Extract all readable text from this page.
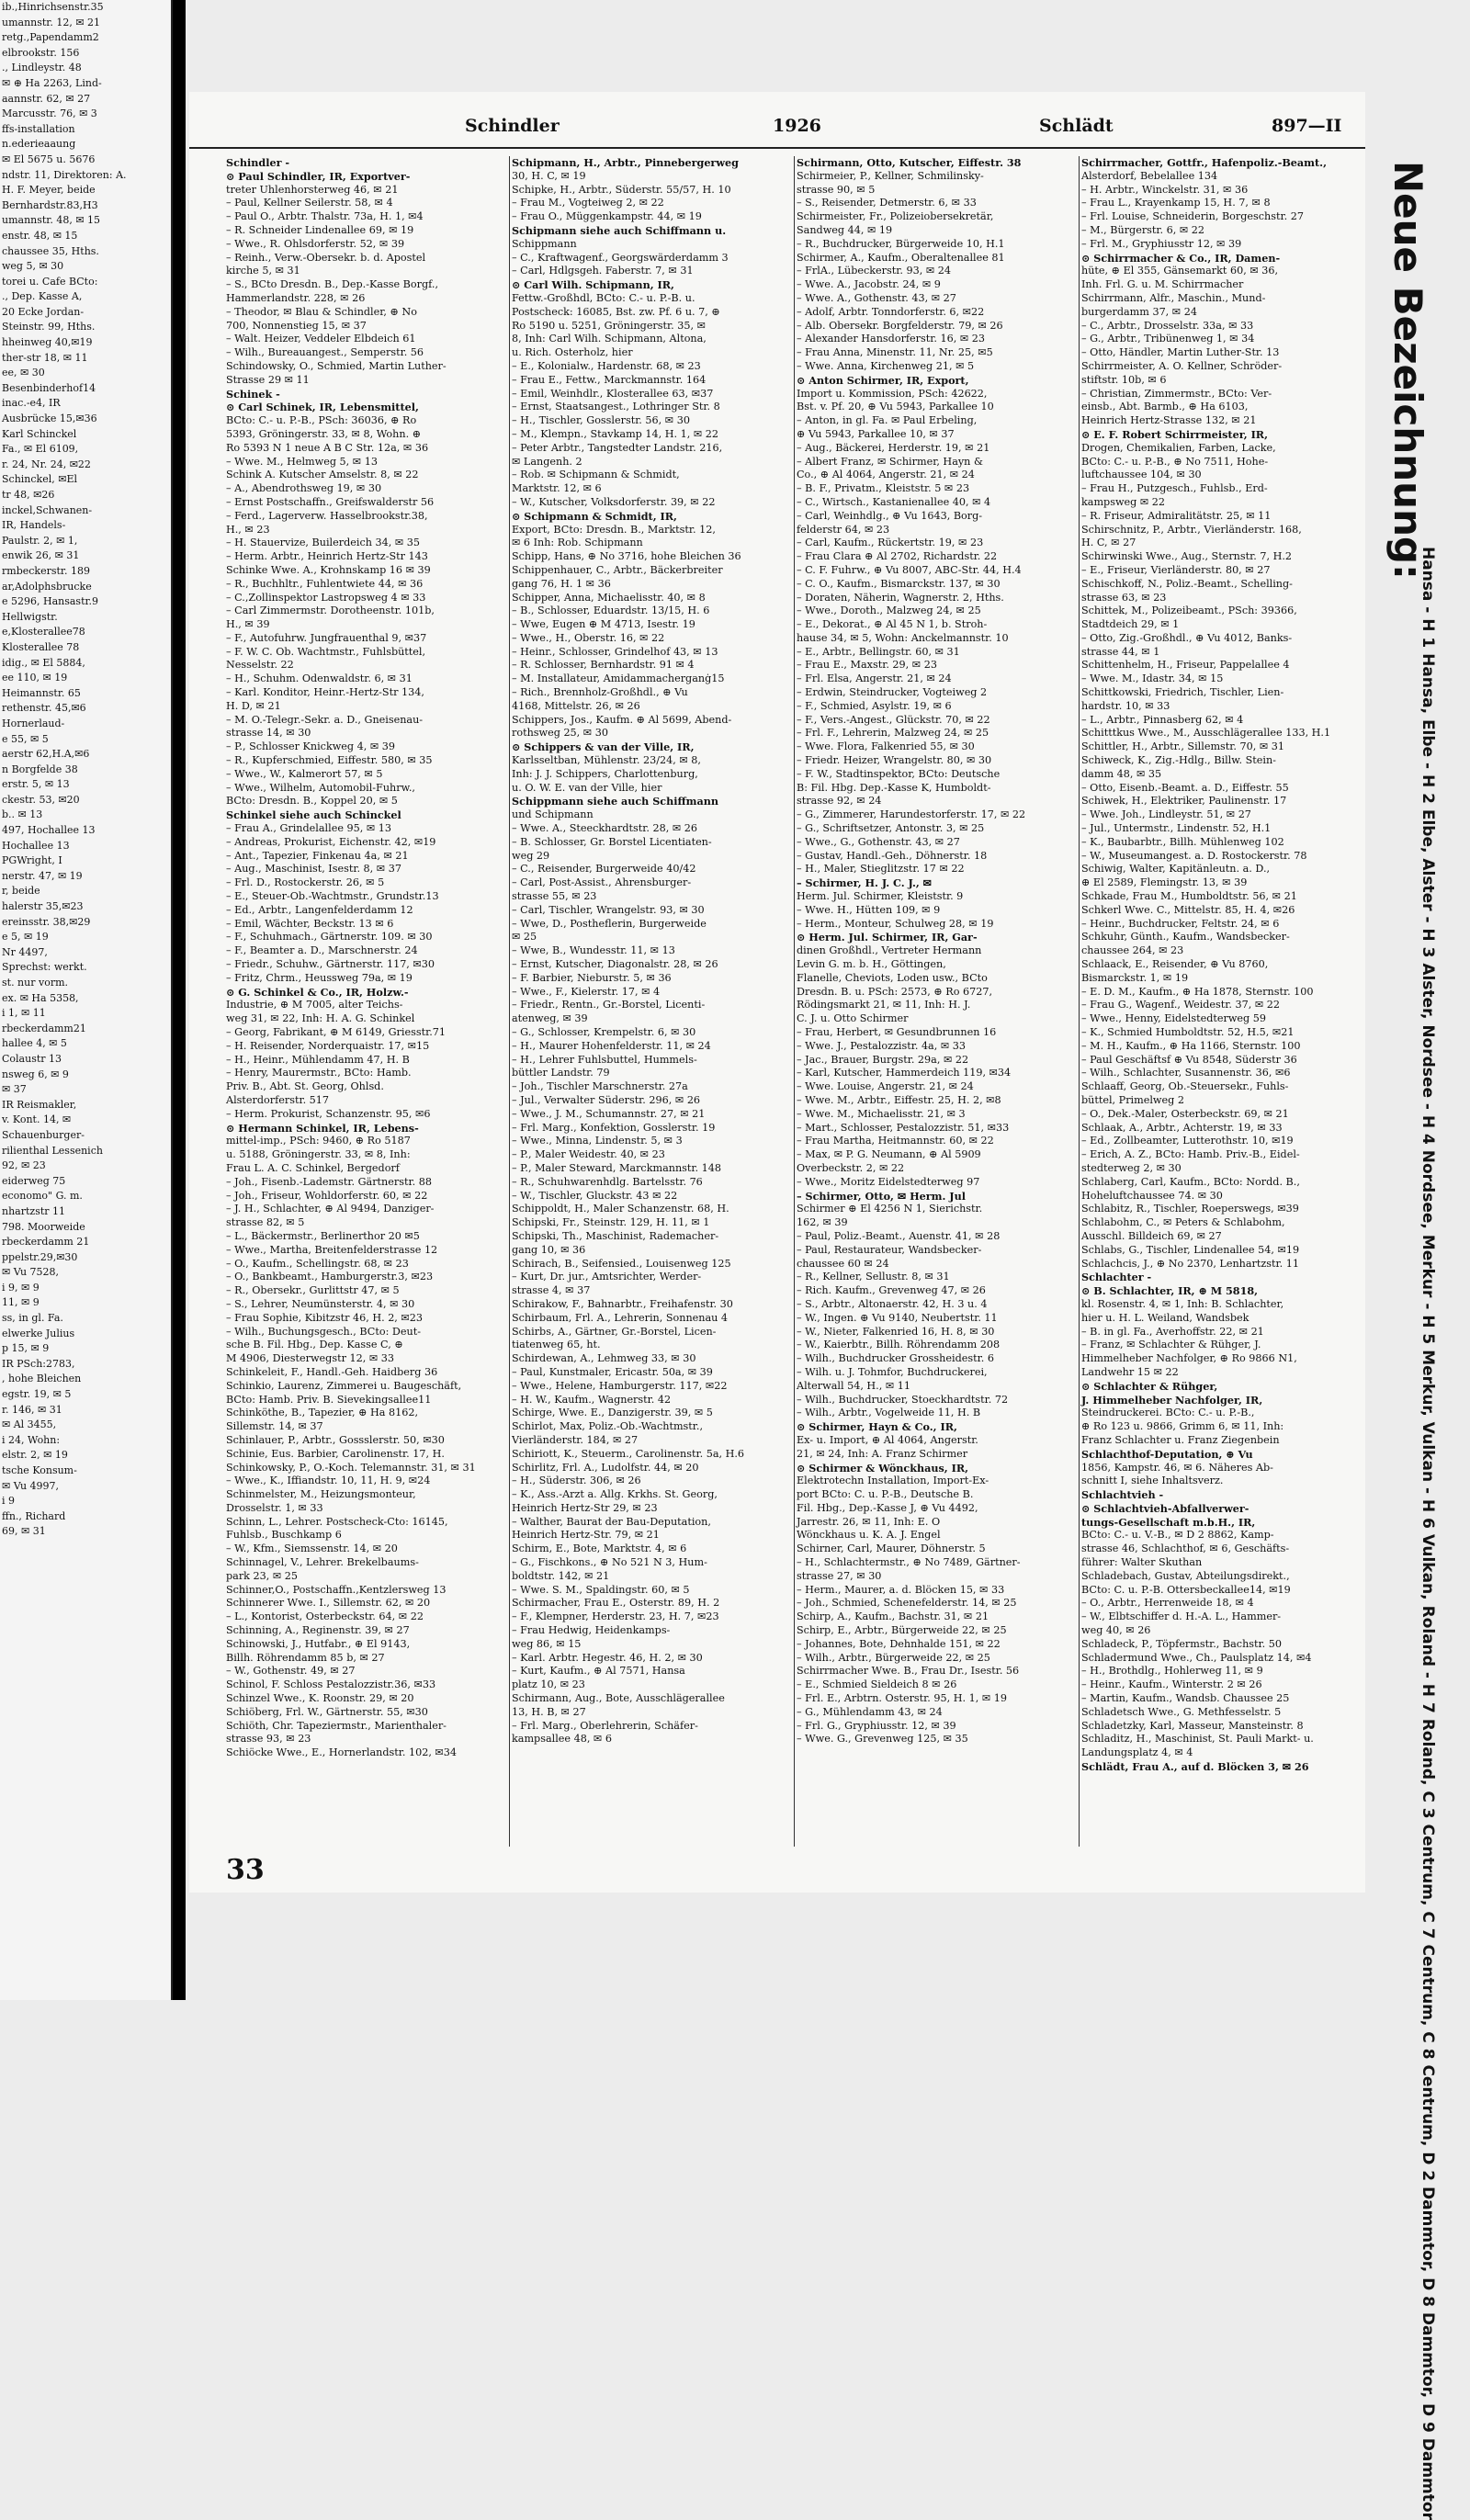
ib.,Hinrichsenstr.35
umannstr. 12, ✉ 21
retg.,Papendamm2
elbrookstr. 156
., Lindleystr. 48
✉ ⊕ Ha 2263, Lind-
aannstr. 62, ✉ 27
Marcusstr. 76, ✉ 3
ffs-installation
n.ederieaaung
✉ El 5675 u. 5676
ndstr. 11, Direktoren: A.
H. F. Meyer, beide
Bernhardstr.83,H3
umannstr. 48, ✉ 15
enstr. 48, ✉ 15
chaussee 35, Hths.
weg 5, ✉ 30
torei u. Cafe BCto:
., Dep. Kasse A,
20 Ecke Jordan-
Steinstr. 99, Hths.
hheinweg 40,✉19
ther-str 18, ✉ 11
ee, ✉ 30
Besenbinderhof14
inac.-e4, IR
Ausbrücke 15,✉36
Karl Schinckel
Fa., ✉ El 6109,
r. 24, Nr. 24, ✉22
Schinckel, ✉El
tr 48, ✉26
inckel,Schwanen-
IR, Handels-
Paulstr. 2, ✉ 1,
enwik 26, ✉ 31
rmbeckerstr. 189
ar,Adolphsbrucke
e 5296, Hansastr.9
Hellwigstr.
e,Klosterallee78
Klosterallee 78
idig., ✉ El 5884,
ee 110, ✉ 19
Heimannstr. 65
rethenstr. 45,✉6
Hornerlaud-
e 55, ✉ 5
aerstr 62,H.A,✉6
n Borgfelde 38
erstr. 5, ✉ 13
ckestr. 53, ✉20
b.. ✉ 13
497, Hochallee 13
Hochallee 13
PGWright, I
nerstr. 47, ✉ 19
r, beide
halerstr 35,✉23
ereinsstr. 38,✉29
e 5, ✉ 19
Nr 4497,
Sprechst: werkt.
st. nur vorm.
ex. ✉ Ha 5358,
i 1, ✉ 11
rbeckerdamm21
hallee 4, ✉ 5
Colaustr 13
nsweg 6, ✉ 9
✉ 37
IR Reismakler,
v. Kont. 14, ✉
Schauenburger-
rilienthal Lessenich
92, ✉ 23
eiderweg 75
economo" G. m.
nhartzstr 11
798. Moorweide
rbeckerdamm 21
ppelstr.29,✉30
✉ Vu 7528,
i 9, ✉ 9
11, ✉ 9
ss, in gl. Fa.
elwerke Julius
p 15, ✉ 9
IR PSch:2783,
, hohe Bleichen
egstr. 19, ✉ 5
r. 146, ✉ 31
✉ Al 3455,
i 24, Wohn:
elstr. 2, ✉ 19
tsche Konsum-
✉ Vu 4997,
i 9
ffn., Richard
69, ✉ 31
Schindler	1926	Schlädt	897—II
Schindler -
⊙ Paul Schindler, IR, Exportver-
treter Uhlenhorsterweg 46, ✉ 21
– Paul, Kellner Seilerstr. 58, ✉ 4
– Paul O., Arbtr. Thalstr. 73a, H. 1, ✉4
– R. Schneider Lindenallee 69, ✉ 19
– Wwe., R. Ohlsdorferstr. 52, ✉ 39
– Reinh., Verw.-Obersekr. b. d. Apostel
kirche 5, ✉ 31
– S., BCto Dresdn. B., Dep.-Kasse Borgf.,
Hammerlandstr. 228, ✉ 26
– Theodor, ✉ Blau & Schindler, ⊕ No
700, Nonnenstieg 15, ✉ 37
– Walt. Heizer, Veddeler Elbdeich 61
– Wilh., Bureauangest., Semperstr. 56
Schindowsky, O., Schmied, Martin Luther-
Strasse 29 ✉ 11
Schinek -
⊙ Carl Schinek, IR, Lebensmittel,
BCto: C.- u. P.-B., PSch: 36036, ⊕ Ro
5393, Gröningerstr. 33, ✉ 8, Wohn. ⊕
Ro 5393 N 1 neue A B C Str. 12a, ✉ 36
– Wwe. M., Helmweg 5, ✉ 13
Schink A. Kutscher Amselstr. 8, ✉ 22
– A., Abendrothsweg 19, ✉ 30
– Ernst Postschaffn., Greifswalderstr 56
– Ferd., Lagerverw. Hasselbrookstr.38,
H., ✉ 23
– H. Stauervize, Builerdeich 34, ✉ 35
– Herm. Arbtr., Heinrich Hertz-Str 143
Schinke Wwe. A., Krohnskamp 16 ✉ 39
– R., Buchhltr., Fuhlentwiete 44, ✉ 36
– C.,Zollinspektor Lastropsweg 4 ✉ 33
– Carl Zimmermstr. Dorotheenstr. 101b,
H., ✉ 39
– F., Autofuhrw. Jungfrauenthal 9, ✉37
– F. W. C. Ob. Wachtmstr., Fuhlsbüttel,
Nesselstr. 22
– H., Schuhm. Odenwaldstr. 6, ✉ 31
– Karl. Konditor, Heinr.-Hertz-Str 134,
H. D, ✉ 21
– M. O.-Telegr.-Sekr. a. D., Gneisenau-
strasse 14, ✉ 30
– P., Schlosser Knickweg 4, ✉ 39
– R., Kupferschmied, Eiffestr. 580, ✉ 35
– Wwe., W., Kalmerort 57, ✉ 5
– Wwe., Wilhelm, Automobil-Fuhrw.,
BCto: Dresdn. B., Koppel 20, ✉ 5
Schinkel siehe auch Schinckel
– Frau A., Grindelallee 95, ✉ 13
– Andreas, Prokurist, Eichenstr. 42, ✉19
– Ant., Tapezier, Finkenau 4a, ✉ 21
– Aug., Maschinist, Isestr. 8, ✉ 37
– Frl. D., Rostockerstr. 26, ✉ 5
– E., Steuer-Ob.-Wachtmstr., Grundstr.13
– Ed., Arbtr., Langenfelderdamm 12
– Emil, Wächter, Beckstr. 13 ✉ 6
– F., Schuhmach., Gärtnerstr. 109. ✉ 30
– F., Beamter a. D., Marschnerstr. 24
– Friedr., Schuhw., Gärtnerstr. 117, ✉30
– Fritz, Chrm., Heussweg 79a, ✉ 19
⊙ G. Schinkel & Co., IR, Holzw.-
Industrie, ⊕ M 7005, alter Teichs-
weg 31, ✉ 22, Inh: H. A. G. Schinkel
– Georg, Fabrikant, ⊕ M 6149, Griesstr.71
– H. Reisender, Norderquaistr. 17, ✉15
– H., Heinr., Mühlendamm 47, H. B
– Henry, Maurermstr., BCto: Hamb.
Priv. B., Abt. St. Georg, Ohlsd.
Alsterdorferstr. 517
– Herm. Prokurist, Schanzenstr. 95, ✉6
⊙ Hermann Schinkel, IR, Lebens-
mittel-imp., PSch: 9460, ⊕ Ro 5187
u. 5188, Gröningerstr. 33, ✉ 8, Inh:
Frau L. A. C. Schinkel, Bergedorf
– Joh., Fisenb.-Lademstr. Gärtnerstr. 88
– Joh., Friseur, Wohldorferstr. 60, ✉ 22
– J. H., Schlachter, ⊕ Al 9494, Danziger-
strasse 82, ✉ 5
– L., Bäckermstr., Berlinerthor 20 ✉5
– Wwe., Martha, Breitenfelderstrasse 12
– O., Kaufm., Schellingstr. 68, ✉ 23
– O., Bankbeamt., Hamburgerstr.3, ✉23
– R., Obersekr., Gurlittstr 47, ✉ 5
– S., Lehrer, Neumünsterstr. 4, ✉ 30
– Frau Sophie, Kibitzstr 46, H. 2, ✉23
– Wilh., Buchungsgesch., BCto: Deut-
sche B. Fil. Hbg., Dep. Kasse C, ⊕
M 4906, Diesterwegstr 12, ✉ 33
Schinkeleit, F., Handl.-Geh. Haidberg 36
Schinkio, Laurenz, Zimmerei u. Baugeschäft,
BCto: Hamb. Priv. B. Sievekingsallee11
Schinköthe, B., Tapezier, ⊕ Ha 8162,
Sillemstr. 14, ✉ 37
Schinlauer, P., Arbtr., Gossslerstr. 50, ✉30
Schinie, Eus. Barbier, Carolinenstr. 17, H.
Schinkowsky, P., O.-Koch. Telemannstr. 31, ✉ 31
– Wwe., K., Iffiandstr. 10, 11, H. 9, ✉24
Schinmelster, M., Heizungsmonteur,
Drosselstr. 1, ✉ 33
Schinn, L., Lehrer. Postscheck-Cto: 16145,
Fuhlsb., Buschkamp 6
– W., Kfm., Siemssenstr. 14, ✉ 20
Schinnagel, V., Lehrer. Brekelbaums-
park 23, ✉ 25
Schinner,O., Postschaffn.,Kentzlersweg 13
Schinnerer Wwe. I., Sillemstr. 62, ✉ 20
– L., Kontorist, Osterbeckstr. 64, ✉ 22
Schinning, A., Reginenstr. 39, ✉ 27
Schinowski, J., Hutfabr., ⊕ El 9143,
Billh. Röhrendamm 85 b, ✉ 27
– W., Gothenstr. 49, ✉ 27
Schinol, F. Schloss Pestalozzistr.36, ✉33
Schinzel Wwe., K. Roonstr. 29, ✉ 20
Schiöberg, Frl. W., Gärtnerstr. 55, ✉30
Schiöth, Chr. Tapeziermstr., Marienthaler-
strasse 93, ✉ 23
Schiöcke Wwe., E., Hornerlandstr. 102, ✉34
Schipmann, H., Arbtr., Pinnebergerweg
30, H. C, ✉ 19
Schipke, H., Arbtr., Süderstr. 55/57, H. 10
– Frau M., Vogteiweg 2, ✉ 22
– Frau O., Müggenkampstr. 44, ✉ 19
Schipmann siehe auch Schiffmann u.
Schippmann
– C., Kraftwagenf., Georgswärderdamm 3
– Carl, Hdlgsgeh. Faberstr. 7, ✉ 31
⊙ Carl Wilh. Schipmann, IR,
Fettw.-Großhdl, BCto: C.- u. P.-B. u.
Postscheck: 16085, Bst. zw. Pf. 6 u. 7, ⊕
Ro 5190 u. 5251, Gröningerstr. 35, ✉
8, Inh: Carl Wilh. Schipmann, Altona,
u. Rich. Osterholz, hier
– E., Kolonialw., Hardenstr. 68, ✉ 23
– Frau E., Fettw., Marckmannstr. 164
– Emil, Weinhdlr., Klosterallee 63, ✉37
– Ernst, Staatsangest., Lothringer Str. 8
– H., Tischler, Gosslerstr. 56, ✉ 30
– M., Klempn., Stavkamp 14, H. 1, ✉ 22
– Peter Arbtr., Tangstedter Landstr. 216,
✉ Langenh. 2
– Rob. ✉ Schipmann & Schmidt,
Marktstr. 12, ✉ 6
– W., Kutscher, Volksdorferstr. 39, ✉ 22
⊙ Schipmann & Schmidt, IR,
Export, BCto: Dresdn. B., Marktstr. 12,
✉ 6 Inh: Rob. Schipmann
Schipp, Hans, ⊕ No 3716, hohe Bleichen 36
Schippenhauer, C., Arbtr., Bäckerbreiter
gang 76, H. 1 ✉ 36
Schipper, Anna, Michaelisstr. 40, ✉ 8
– B., Schlosser, Eduardstr. 13/15, H. 6
– Wwe, Eugen ⊕ M 4713, Isestr. 19
– Wwe., H., Oberstr. 16, ✉ 22
– Heinr., Schlosser, Grindelhof 43, ✉ 13
– R. Schlosser, Bernhardstr. 91 ✉ 4
– M. Installateur, Amidammacherganġ15
– Rich., Brennholz-Großhdl., ⊕ Vu
4168, Mittelstr. 26, ✉ 26
Schippers, Jos., Kaufm. ⊕ Al 5699, Abend-
rothsweg 25, ✉ 30
⊙ Schippers & van der Ville, IR,
Karlsseltban, Mühlenstr. 23/24, ✉ 8,
Inh: J. J. Schippers, Charlottenburg,
u. O. W. E. van der Ville, hier
Schippmann siehe auch Schiffmann
und Schipmann
– Wwe. A., Steeckhardtstr. 28, ✉ 26
– B. Schlosser, Gr. Borstel Licentiaten-
weg 29
– C., Reisender, Burgerweide 40/42
– Carl, Post-Assist., Ahrensburger-
strasse 55, ✉ 23
– Carl, Tischler, Wrangelstr. 93, ✉ 30
– Wwe, D., Postheflerin, Burgerweide
✉ 25
– Wwe, B., Wundesstr. 11, ✉ 13
– Ernst, Kutscher, Diagonalstr. 28, ✉ 26
– F. Barbier, Nieburstr. 5, ✉ 36
– Wwe., F., Kielerstr. 17, ✉ 4
– Friedr., Rentn., Gr.-Borstel, Licenti-
atenweg, ✉ 39
– G., Schlosser, Krempelstr. 6, ✉ 30
– H., Maurer Hohenfelderstr. 11, ✉ 24
– H., Lehrer Fuhlsbuttel, Hummels-
büttler Landstr. 79
– Joh., Tischler Marschnerstr. 27a
– Jul., Verwalter Süderstr. 296, ✉ 26
– Wwe., J. M., Schumannstr. 27, ✉ 21
– Frl. Marg., Konfektion, Gosslerstr. 19
– Wwe., Minna, Lindenstr. 5, ✉ 3
– P., Maler Weidestr. 40, ✉ 23
– P., Maler Steward, Marckmannstr. 148
– R., Schuhwarenhdlg. Bartelsstr. 76
– W., Tischler, Gluckstr. 43 ✉ 22
Schippoldt, H., Maler Schanzenstr. 68, H.
Schipski, Fr., Steinstr. 129, H. 11, ✉ 1
Schipski, Th., Maschinist, Rademacher-
gang 10, ✉ 36
Schirach, B., Seifensied., Louisenweg 125
– Kurt, Dr. jur., Amtsrichter, Werder-
strasse 4, ✉ 37
Schirakow, F., Bahnarbtr., Freihafenstr. 30
Schirbaum, Frl. A., Lehrerin, Sonnenau 4
Schirbs, A., Gärtner, Gr.-Borstel, Licen-
tiatenweg 65, ht.
Schirdewan, A., Lehmweg 33, ✉ 30
– Paul, Kunstmaler, Ericastr. 50a, ✉ 39
– Wwe., Helene, Hamburgerstr. 117, ✉22
– H. W., Kaufm., Wagnerstr. 42
Schirge, Wwe. E., Danzigerstr. 39, ✉ 5
Schirlot, Max, Poliz.-Ob.-Wachtmstr.,
Vierländerstr. 184, ✉ 27
Schiriott, K., Steuerm., Carolinenstr. 5a, H.6
Schirlitz, Frl. A., Ludolfstr. 44, ✉ 20
– H., Süderstr. 306, ✉ 26
– K., Ass.-Arzt a. Allg. Krkhs. St. Georg,
Heinrich Hertz-Str 29, ✉ 23
– Walther, Baurat der Bau-Deputation,
Heinrich Hertz-Str. 79, ✉ 21
Schirm, E., Bote, Marktstr. 4, ✉ 6
– G., Fischkons., ⊕ No 521 N 3, Hum-
boldtstr. 142, ✉ 21
– Wwe. S. M., Spaldingstr. 60, ✉ 5
Schirmacher, Frau E., Osterstr. 89, H. 2
– F., Klempner, Herderstr. 23, H. 7, ✉23
– Frau Hedwig, Heidenkamps-
weg 86, ✉ 15
– Karl. Arbtr. Hegestr. 46, H. 2, ✉ 30
– Kurt, Kaufm., ⊕ Al 7571, Hansa
platz 10, ✉ 23
Schirmann, Aug., Bote, Ausschlägerallee
13, H. B, ✉ 27
– Frl. Marg., Oberlehrerin, Schäfer-
kampsallee 48, ✉ 6
Schirmann, Otto, Kutscher, Eiffestr. 38
Schirmeier, P., Kellner, Schmilinsky-
strasse 90, ✉ 5
– S., Reisender, Detmerstr. 6, ✉ 33
Schirmeister, Fr., Polizeiobersekretär,
Sandweg 44, ✉ 19
– R., Buchdrucker, Bürgerweide 10, H.1
Schirmer, A., Kaufm., Oberaltenallee 81
– FrlA., Lübeckerstr. 93, ✉ 24
– Wwe. A., Jacobstr. 24, ✉ 9
– Wwe. A., Gothenstr. 43, ✉ 27
– Adolf, Arbtr. Tonndorferstr. 6, ✉22
– Alb. Obersekr. Borgfelderstr. 79, ✉ 26
– Alexander Hansdorferstr. 16, ✉ 23
– Frau Anna, Minenstr. 11, Nr. 25, ✉5
– Wwe. Anna, Kirchenweg 21, ✉ 5
⊙ Anton Schirmer, IR, Export,
Import u. Kommission, PSch: 42622,
Bst. v. Pf. 20, ⊕ Vu 5943, Parkallee 10
– Anton, in gl. Fa. ✉ Paul Erbeling,
⊕ Vu 5943, Parkallee 10, ✉ 37
– Aug., Bäckerei, Herderstr. 19, ✉ 21
– Albert Franz, ✉ Schirmer, Hayn &
Co., ⊕ Al 4064, Angerstr. 21, ✉ 24
– B. F., Privatm., Kleiststr. 5 ✉ 23
– C., Wirtsch., Kastanienallee 40, ✉ 4
– Carl, Weinhdlg., ⊕ Vu 1643, Borg-
felderstr 64, ✉ 23
– Carl, Kaufm., Rückertstr. 19, ✉ 23
– Frau Clara ⊕ Al 2702, Richardstr. 22
– C. F. Fuhrw., ⊕ Vu 8007, ABC-Str. 44, H.4
– C. O., Kaufm., Bismarckstr. 137, ✉ 30
– Doraten, Näherin, Wagnerstr. 2, Hths.
– Wwe., Doroth., Malzweg 24, ✉ 25
– E., Dekorat., ⊕ Al 45 N 1, b. Stroh-
hause 34, ✉ 5, Wohn: Anckelmannstr. 10
– E., Arbtr., Bellingstr. 60, ✉ 31
– Frau E., Maxstr. 29, ✉ 23
– Frl. Elsa, Angerstr. 21, ✉ 24
– Erdwin, Steindrucker, Vogteiweg 2
– F., Schmied, Asylstr. 19, ✉ 6
– F., Vers.-Angest., Glückstr. 70, ✉ 22
– Frl. F., Lehrerin, Malzweg 24, ✉ 25
– Wwe. Flora, Falkenried 55, ✉ 30
– Friedr. Heizer, Wrangelstr. 80, ✉ 30
– F. W., Stadtinspektor, BCto: Deutsche
B: Fil. Hbg. Dep.-Kasse K, Humboldt-
strasse 92, ✉ 24
– G., Zimmerer, Harundestorferstr. 17, ✉ 22
– G., Schriftsetzer, Antonstr. 3, ✉ 25
– Wwe., G., Gothenstr. 43, ✉ 27
– Gustav, Handl.-Geh., Döhnerstr. 18
– H., Maler, Stieglitzstr. 17 ✉ 22
– Schirmer, H. J. C. J., ✉
Herm. Jul. Schirmer, Kleiststr. 9
– Wwe. H., Hütten 109, ✉ 9
– Herm., Monteur, Schulweg 28, ✉ 19
⊙ Herm. Jul. Schirmer, IR, Gar-
dinen Großhdl., Vertreter Hermann
Levin G. m. b. H., Göttingen,
Flanelle, Cheviots, Loden usw., BCto
Dresdn. B. u. PSch: 2573, ⊕ Ro 6727,
Rödingsmarkt 21, ✉ 11, Inh: H. J.
C. J. u. Otto Schirmer
– Frau, Herbert, ✉ Gesundbrunnen 16
– Wwe. J., Pestalozzistr. 4a, ✉ 33
– Jac., Brauer, Burgstr. 29a, ✉ 22
– Karl, Kutscher, Hammerdeich 119, ✉34
– Wwe. Louise, Angerstr. 21, ✉ 24
– Wwe. M., Arbtr., Eiffestr. 25, H. 2, ✉8
– Wwe. M., Michaelisstr. 21, ✉ 3
– Mart., Schlosser, Pestalozzistr. 51, ✉33
– Frau Martha, Heitmannstr. 60, ✉ 22
– Max, ✉ P. G. Neumann, ⊕ Al 5909
Overbeckstr. 2, ✉ 22
– Wwe., Moritz Eidelstedterweg 97
– Schirmer, Otto, ✉ Herm. Jul
Schirmer ⊕ El 4256 N 1, Sierichstr.
162, ✉ 39
– Paul, Poliz.-Beamt., Auenstr. 41, ✉ 28
– Paul, Restaurateur, Wandsbecker-
chaussee 60 ✉ 24
– R., Kellner, Sellustr. 8, ✉ 31
– Rich. Kaufm., Grevenweg 47, ✉ 26
– S., Arbtr., Altonaerstr. 42, H. 3 u. 4
– W., Ingen. ⊕ Vu 9140, Neubertstr. 11
– W., Nieter, Falkenried 16, H. 8, ✉ 30
– W., Kaierbtr., Billh. Röhrendamm 208
– Wilh., Buchdrucker Grossheidestr. 6
– Wilh. u. J. Tohmfor, Buchdruckerei,
Alterwall 54, H., ✉ 11
– Wilh., Buchdrucker, Stoeckhardtstr. 72
– Wilh., Arbtr., Vogelweide 11, H. B
⊙ Schirmer, Hayn & Co., IR,
Ex- u. Import, ⊕ Al 4064, Angerstr.
21, ✉ 24, Inh: A. Franz Schirmer
⊙ Schirmer & Wönckhaus, IR,
Elektrotechn Installation, Import-Ex-
port BCto: C. u. P.-B., Deutsche B.
Fil. Hbg., Dep.-Kasse J, ⊕ Vu 4492,
Jarrestr. 26, ✉ 11, Inh: E. O
Wönckhaus u. K. A. J. Engel
Schirner, Carl, Maurer, Döhnerstr. 5
– H., Schlachtermstr., ⊕ No 7489, Gärtner-
strasse 27, ✉ 30
– Herm., Maurer, a. d. Blöcken 15, ✉ 33
– Joh., Schmied, Schenefelderstr. 14, ✉ 25
Schirp, A., Kaufm., Bachstr. 31, ✉ 21
Schirp, E., Arbtr., Bürgerweide 22, ✉ 25
– Johannes, Bote, Dehnhalde 151, ✉ 22
– Wilh., Arbtr., Bürgerweide 22, ✉ 25
Schirrmacher Wwe. B., Frau Dr., Isestr. 56
– E., Schmied Sieldeich 8 ✉ 26
– Frl. E., Arbtrn. Osterstr. 95, H. 1, ✉ 19
– G., Mühlendamm 43, ✉ 24
– Frl. G., Gryphiusstr. 12, ✉ 39
– Wwe. G., Grevenweg 125, ✉ 35
Schirrmacher, Gottfr., Hafenpoliz.-Beamt.,
Alsterdorf, Bebelallee 134
– H. Arbtr., Winckelstr. 31, ✉ 36
– Frau L., Krayenkamp 15, H. 7, ✉ 8
– Frl. Louise, Schneiderin, Borgeschstr. 27
– M., Bürgerstr. 6, ✉ 22
– Frl. M., Gryphiusstr 12, ✉ 39
⊙ Schirrmacher & Co., IR, Damen-
hüte, ⊕ El 355, Gänsemarkt 60, ✉ 36,
Inh. Frl. G. u. M. Schirrmacher
Schirrmann, Alfr., Maschin., Mund-
burgerdamm 37, ✉ 24
– C., Arbtr., Drosselstr. 33a, ✉ 33
– G., Arbtr., Tribünenweg 1, ✉ 34
– Otto, Händler, Martin Luther-Str. 13
Schirrmeister, A. O. Kellner, Schröder-
stiftstr. 10b, ✉ 6
– Christian, Zimmermstr., BCto: Ver-
einsb., Abt. Barmb., ⊕ Ha 6103,
Heinrich Hertz-Strasse 132, ✉ 21
⊙ E. F. Robert Schirrmeister, IR,
Drogen, Chemikalien, Farben, Lacke,
BCto: C.- u. P.-B., ⊕ No 7511, Hohe-
luftchaussee 104, ✉ 30
– Frau H., Putzgesch., Fuhlsb., Erd-
kampsweg ✉ 22
– R. Friseur, Admiralitätstr. 25, ✉ 11
Schirschnitz, P., Arbtr., Vierländerstr. 168,
H. C, ✉ 27
Schirwinski Wwe., Aug., Sternstr. 7, H.2
– E., Friseur, Vierländerstr. 80, ✉ 27
Schischkoff, N., Poliz.-Beamt., Schelling-
strasse 63, ✉ 23
Schittek, M., Polizeibeamt., PSch: 39366,
Stadtdeich 29, ✉ 1
– Otto, Zig.-Großhdl., ⊕ Vu 4012, Banks-
strasse 44, ✉ 1
Schittenhelm, H., Friseur, Pappelallee 4
– Wwe. M., Idastr. 34, ✉ 15
Schittkowski, Friedrich, Tischler, Lien-
hardstr. 10, ✉ 33
– L., Arbtr., Pinnasberg 62, ✉ 4
Schitttkus Wwe., M., Ausschlägerallee 133, H.1
Schittler, H., Arbtr., Sillemstr. 70, ✉ 31
Schiweck, K., Zig.-Hdlg., Billw. Stein-
damm 48, ✉ 35
– Otto, Eisenb.-Beamt. a. D., Eiffestr. 55
Schiwek, H., Elektriker, Paulinenstr. 17
– Wwe. Joh., Lindleystr. 51, ✉ 27
– Jul., Untermstr., Lindenstr. 52, H.1
– K., Baubarbtr., Billh. Mühlenweg 102
– W., Museumangest. a. D. Rostockerstr. 78
Schiwig, Walter, Kapitänleutn. a. D.,
⊕ El 2589, Flemingstr. 13, ✉ 39
Schkade, Frau M., Humboldtstr. 56, ✉ 21
Schkerl Wwe. C., Mittelstr. 85, H. 4, ✉26
– Heinr., Buchdrucker, Feltstr. 24, ✉ 6
Schkuhr, Günth., Kaufm., Wandsbecker-
chaussee 264, ✉ 23
Schlaack, E., Reisender, ⊕ Vu 8760,
Bismarckstr. 1, ✉ 19
– E. D. M., Kaufm., ⊕ Ha 1878, Sternstr. 100
– Frau G., Wagenf., Weidestr. 37, ✉ 22
– Wwe., Henny, Eidelstedterweg 59
– K., Schmied Humboldtstr. 52, H.5, ✉21
– M. H., Kaufm., ⊕ Ha 1166, Sternstr. 100
– Paul Geschäftsf ⊕ Vu 8548, Süderstr 36
– Wilh., Schlachter, Susannenstr. 36, ✉6
Schlaaff, Georg, Ob.-Steuersekr., Fuhls-
büttel, Primelweg 2
– O., Dek.-Maler, Osterbeckstr. 69, ✉ 21
Schlaak, A., Arbtr., Achterstr. 19, ✉ 33
– Ed., Zollbeamter, Lutterothstr. 10, ✉19
– Erich, A. Z., BCto: Hamb. Priv.-B., Eidel-
stedterweg 2, ✉ 30
Schlaberg, Carl, Kaufm., BCto: Nordd. B.,
Hoheluftchaussee 74. ✉ 30
Schlabitz, R., Tischler, Roeperswegs, ✉39
Schlabohm, C., ✉ Peters & Schlabohm,
Ausschl. Billdeich 69, ✉ 27
Schlabs, G., Tischler, Lindenallee 54, ✉19
Schlachcis, J., ⊕ No 2370, Lenhartzstr. 11
Schlachter -
⊙ B. Schlachter, IR, ⊕ M 5818,
kl. Rosenstr. 4, ✉ 1, Inh: B. Schlachter,
hier u. H. L. Weiland, Wandsbek
– B. in gl. Fa., Averhoffstr. 22, ✉ 21
– Franz, ✉ Schlachter & Rühger, J.
Himmelheber Nachfolger, ⊕ Ro 9866 N1,
Landwehr 15 ✉ 22
⊙ Schlachter & Rühger,
J. Himmelheber Nachfolger, IR,
Steindruckerei. BCto: C.- u. P.-B.,
⊕ Ro 123 u. 9866, Grimm 6, ✉ 11, Inh:
Franz Schlachter u. Franz Ziegenbein
Schlachthof-Deputation, ⊕ Vu
1856, Kampstr. 46, ✉ 6. Näheres Ab-
schnitt I, siehe Inhaltsverz.
Schlachtvieh -
⊙ Schlachtvieh-Abfallverwer-
tungs-Gesellschaft m.b.H., IR,
BCto: C.- u. V.-B., ✉ D 2 8862, Kamp-
strasse 46, Schlachthof, ✉ 6, Geschäfts-
führer: Walter Skuthan
Schladebach, Gustav, Abteilungsdirekt.,
BCto: C. u. P.-B. Ottersbeckallee14, ✉19
– O., Arbtr., Herrenweide 18, ✉ 4
– W., Elbtschiffer d. H.-A. L., Hammer-
weg 40, ✉ 26
Schladeck, P., Töpfermstr., Bachstr. 50
Schladermund Wwe., Ch., Paulsplatz 14, ✉4
– H., Brothdlg., Hohlerweg 11, ✉ 9
– Heinr., Kaufm., Winterstr. 2 ✉ 26
– Martin, Kaufm., Wandsb. Chaussee 25
Schladetsch Wwe., G. Methfesselstr. 5
Schladetzky, Karl, Masseur, Mansteinstr. 8
Schladitz, H., Maschinist, St. Pauli Markt- u.
Landungsplatz 4, ✉ 4
Schlädt, Frau A., auf d. Blöcken 3, ✉ 26
33
Neue Bezeichnung:
Hansa - H 1 Hansa, Elbe - H 2 Elbe, Alster - H 3 Alster, Nordsee - H 4 Nordsee, Merkur - H 5 Merkur, Vulkan - H 6 Vulkan, Roland - H 7 Roland, C 3 Centrum, C 7 Centrum, C 8 Centrum, D 2 Dammtor, D 8 Dammtor, D 9 Dammtor
